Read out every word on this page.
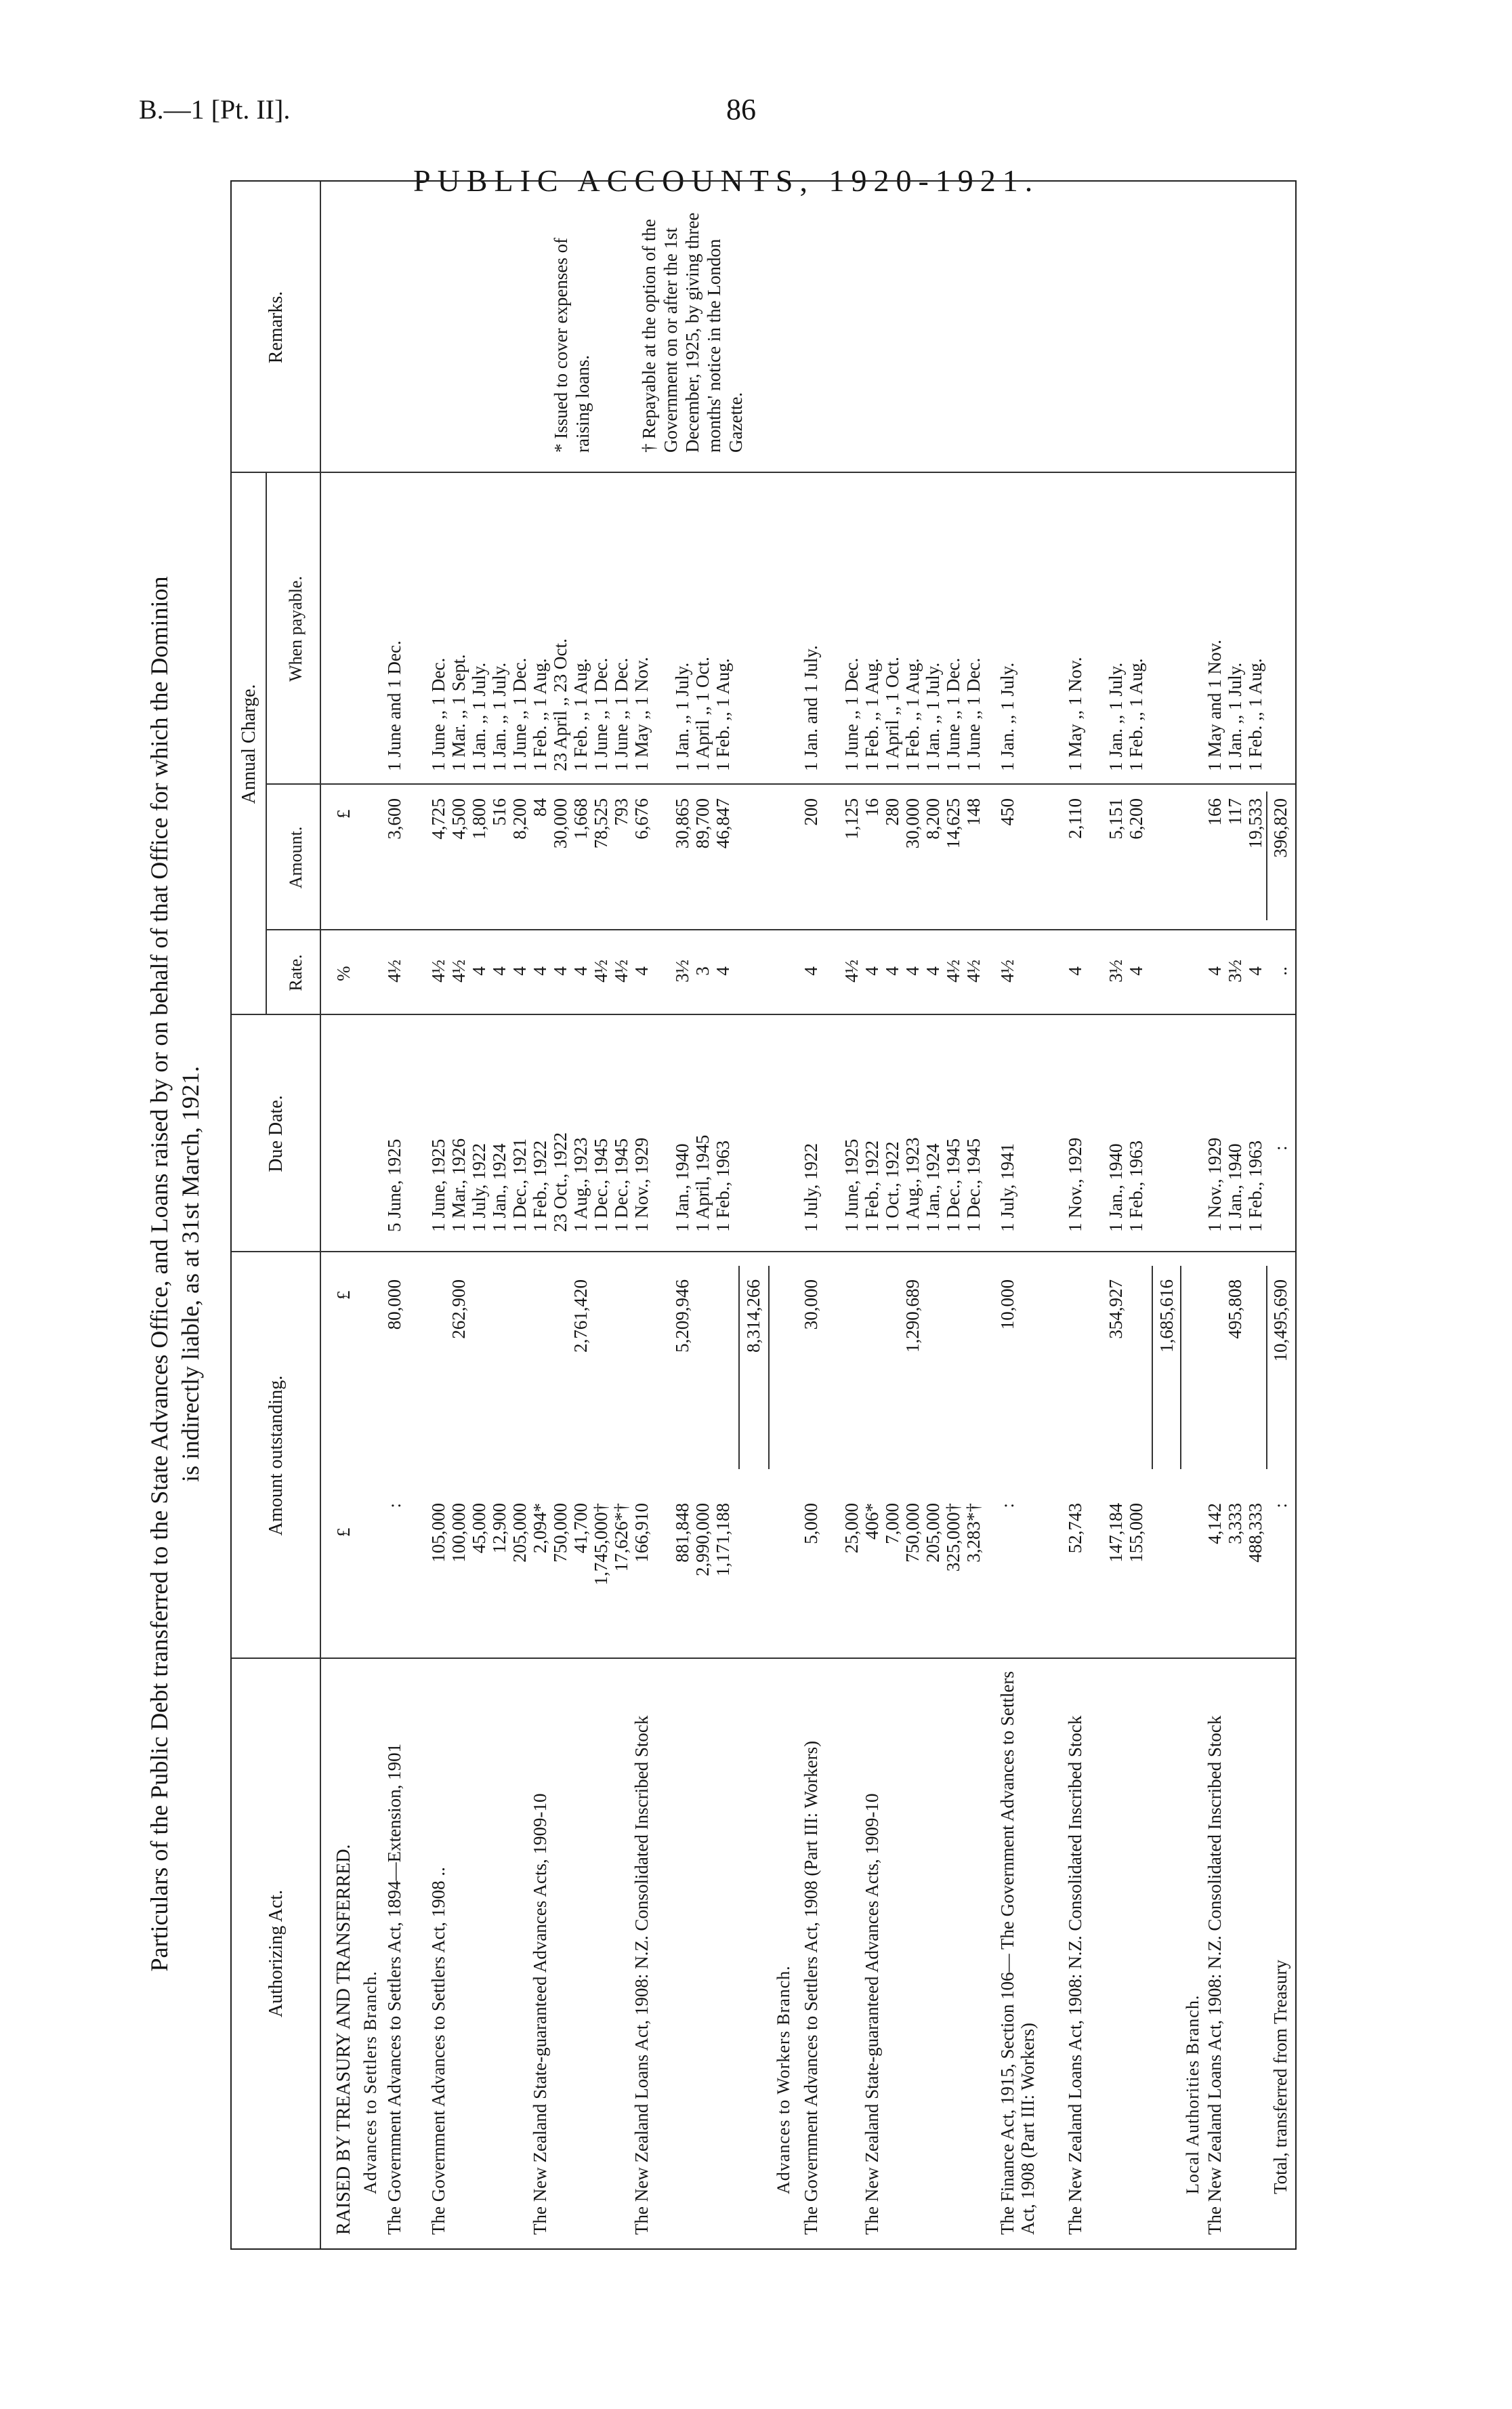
B.—1 [Pt. II].	86
PUBLIC ACCOUNTS, 1920-1921.
Particulars of the Public Debt transferred to the State Advances Office, and Loans raised by or on behalf of that Office for which the Dominion is indirectly liable, as at 31st March, 1921.
Authorizing Act.
Amount outstanding.
Due Date.
Annual Charge.
Rate.
Amount.
When payable.
Remarks.
£
£
%
£
RAISED BY TREASURY AND TRANSFERRED. Advances to Settlers Branch. The Government Advances to Settlers Act, 1894—Extension, 1901
:
80,000
5 June, 1925
4½
3,600
1 June and 1 Dec.
The Government Advances to Settlers Act, 1908 ..
105,000
1 June, 1925
4½
4,725
1 June ,, 1 Dec.
100,000
262,900
1 Mar., 1926
4½
4,500
1 Mar. ,, 1 Sept.
45,000
1 July, 1922
4
1,800
1 Jan. ,, 1 July.
12,900
1 Jan., 1924
4
516
1 Jan. ,, 1 July.
205,000
1 Dec., 1921
4
8,200
1 June ,, 1 Dec.
The New Zealand State-guaranteed Advances Acts, 1909-10
2,094*
1 Feb., 1922
4
84
1 Feb. ,, 1 Aug.
750,000
23 Oct., 1922
4
30,000
23 April ,, 23 Oct.
41,700
2,761,420
1 Aug., 1923
4
1,668
1 Feb. ,, 1 Aug.
1,745,000†
1 Dec., 1945
4½
78,525
1 June ,, 1 Dec.
17,626*†
1 Dec., 1945
4½
793
1 June ,, 1 Dec.
The New Zealand Loans Act, 1908: N.Z. Consolidated Inscribed Stock
166,910
1 Nov., 1929
4
6,676
1 May ,, 1 Nov.
881,848
5,209,946
1 Jan., 1940
3½
30,865
1 Jan. ,, 1 July.
2,990,000
1 April, 1945
3
89,700
1 April ,, 1 Oct.
1,171,188
1 Feb., 1963
4
46,847
1 Feb. ,, 1 Aug.
8,314,266
Advances to Workers Branch. The Government Advances to Settlers Act, 1908 (Part III: Workers)
5,000
30,000
1 July, 1922
4
200
1 Jan. and 1 July.
25,000
1 June, 1925
4½
1,125
1 June ,, 1 Dec.
The New Zealand State-guaranteed Advances Acts, 1909-10
406*
1 Feb., 1922
4
16
1 Feb. ,, 1 Aug.
7,000
1 Oct., 1922
4
280
1 April ,, 1 Oct.
750,000
1,290,689
1 Aug., 1923
4
30,000
1 Feb. ,, 1 Aug.
205,000
1 Jan., 1924
4
8,200
1 Jan. ,, 1 July.
325,000†
1 Dec., 1945
4½
14,625
1 June ,, 1 Dec.
3,283*†
1 Dec., 1945
4½
148
1 June ,, 1 Dec.
The Finance Act, 1915, Section 106— The Government Advances to Settlers Act, 1908 (Part III: Workers)
:
10,000
1 July, 1941
4½
450
1 Jan. ,, 1 July.
The New Zealand Loans Act, 1908: N.Z. Consolidated Inscribed Stock
52,743
1 Nov., 1929
4
2,110
1 May ,, 1 Nov.
147,184
354,927
1 Jan., 1940
3½
5,151
1 Jan. ,, 1 July.
155,000
1 Feb., 1963
4
6,200
1 Feb. ,, 1 Aug.
1,685,616
Local Authorities Branch. The New Zealand Loans Act, 1908: N.Z. Consolidated Inscribed Stock
4,142
1 Nov., 1929
4
166
1 May and 1 Nov.
3,333
495,808
1 Jan., 1940
3½
117
1 Jan. ,, 1 July.
488,333
1 Feb., 1963
4
19,533
1 Feb. ,, 1 Aug.
Total, transferred from Treasury
:
10,495,690
:
..
396,820
* Issued to cover expenses of raising loans.	† Repayable at the option of the Government on or after the 1st December, 1925, by giving three months' notice in the London Gazette.
